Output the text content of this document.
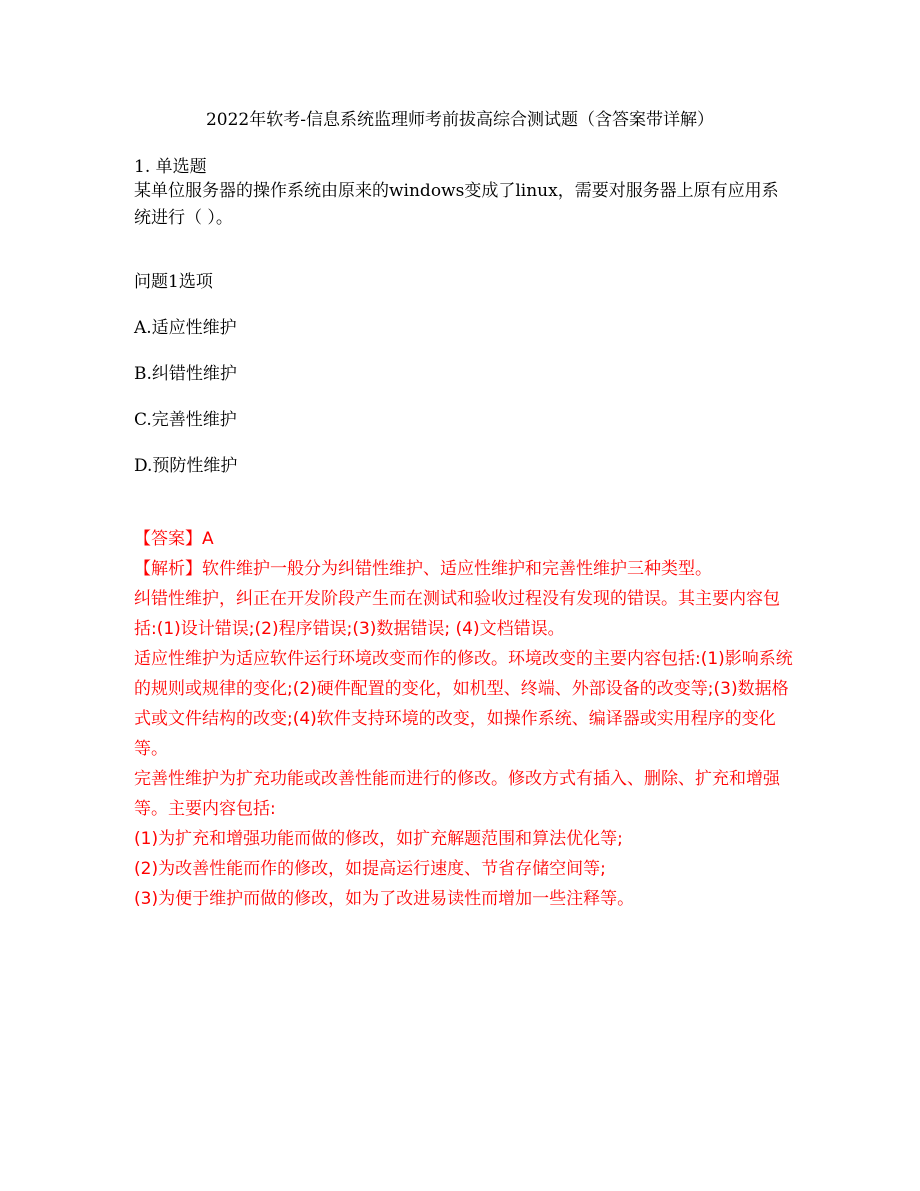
2022年软考-信息系统监理师考前拔高综合测试题（含答案带详解）
1. 单选题
某单位服务器的操作系统由原来的windows变成了linux，需要对服务器上原有应用系统进行（ ）。
问题1选项
A.适应性维护
B.纠错性维护
C.完善性维护
D.预防性维护

【答案】A

【解析】软件维护一般分为纠错性维护、适应性维护和完善性维护三种类型。

纠错性维护，纠正在开发阶段产生而在测试和验收过程没有发现的错误。其主要内容包括:(1)设计错误;(2)程序错误;(3)数据错误; (4)文档错误。

适应性维护为适应软件运行环境改变而作的修改。环境改变的主要内容包括:(1)影响系统的规则或规律的变化;(2)硬件配置的变化，如机型、终端、外部设备的改变等;(3)数据格式或文件结构的改变;(4)软件支持环境的改变，如操作系统、编译器或实用程序的变化等。

完善性维护为扩充功能或改善性能而进行的修改。修改方式有插入、删除、扩充和增强等。主要内容包括:

(1)为扩充和增强功能而做的修改，如扩充解题范围和算法优化等;

(2)为改善性能而作的修改，如提高运行速度、节省存储空间等;

(3)为便于维护而做的修改，如为了改进易读性而增加一些注释等。
